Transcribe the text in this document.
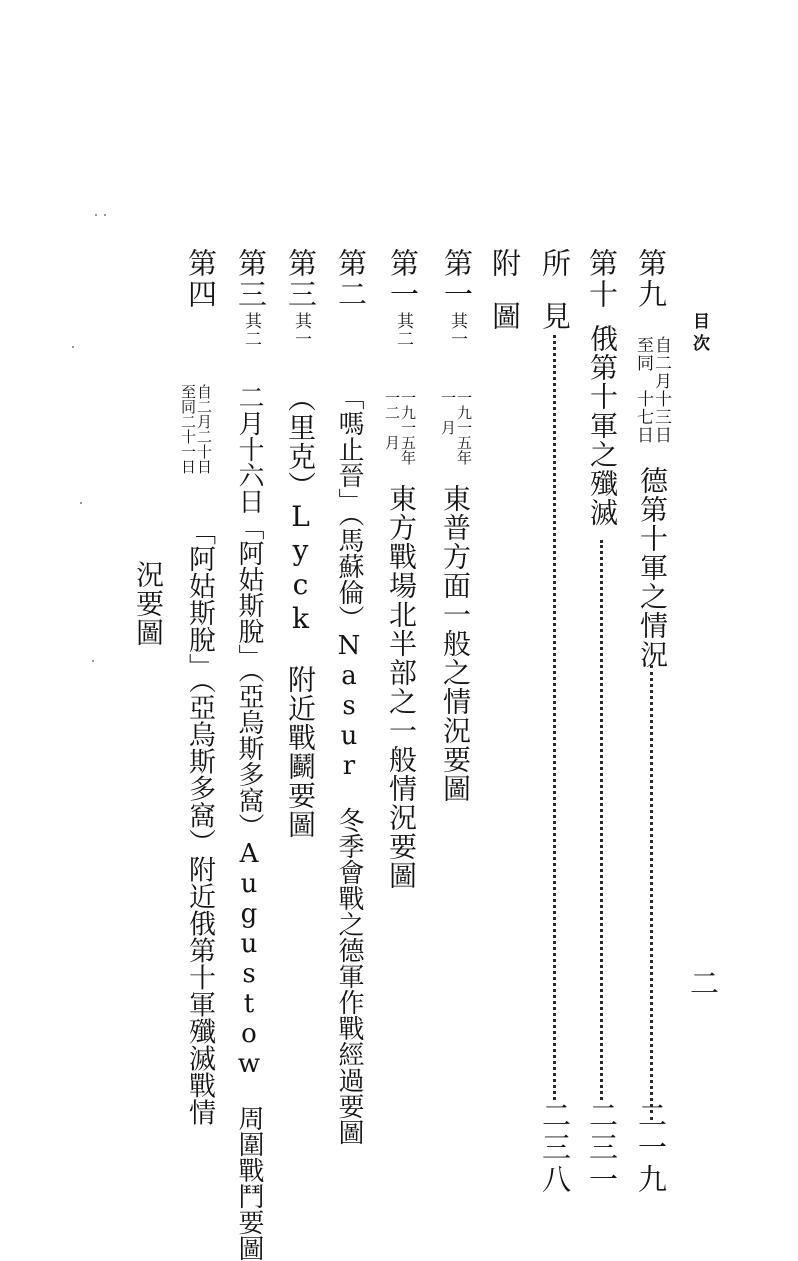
目次
二
第九
自二月十三日
至同　十七日
德第十軍之情況
二一九
第十
俄第十軍之殲滅
二三一
所見
二三八
附圖
第一
其一
一九一五年
一　月
東普方面一般之情況要圖
第一
其二
一九一五年
一二　月
東方戰場北半部之一般情況要圖
第二
「嗎止晉」（馬蘇倫）Nasur　冬季會戰之德軍作戰經過要圖
第三
其一
（里克）Lyck　附近戰鬬要圖
第三
其二
二月十六日「阿姑斯脫」（亞烏斯多窩）Augustow　周圍戰鬥要圖
第四
自二月二十日
至同二十一日
「阿姑斯脫」（亞烏斯多窩）附近俄第十軍殲滅戰情
況要圖
